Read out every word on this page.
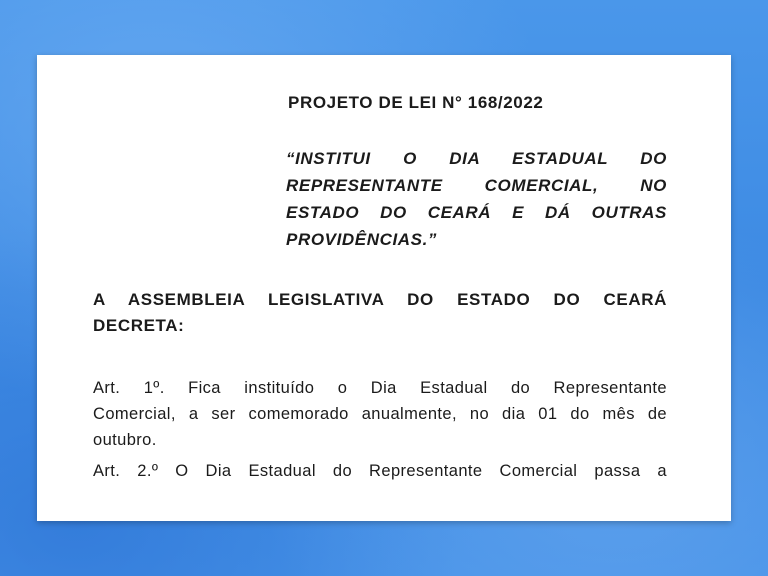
PROJETO DE LEI N° 168/2022

“INSTITUI O DIA ESTADUAL DO
REPRESENTANTE COMERCIAL, NO
ESTADO DO CEARÁ E DÁ OUTRAS
PROVIDÊNCIAS.”

A ASSEMBLEIA LEGISLATIVA DO ESTADO DO CEARÁ
DECRETA:

Art. 1º. Fica instituído o Dia Estadual do Representante
Comercial, a ser comemorado anualmente, no dia 01 do mês de
outubro.

Art. 2.º O Dia Estadual do Representante Comercial passa a
